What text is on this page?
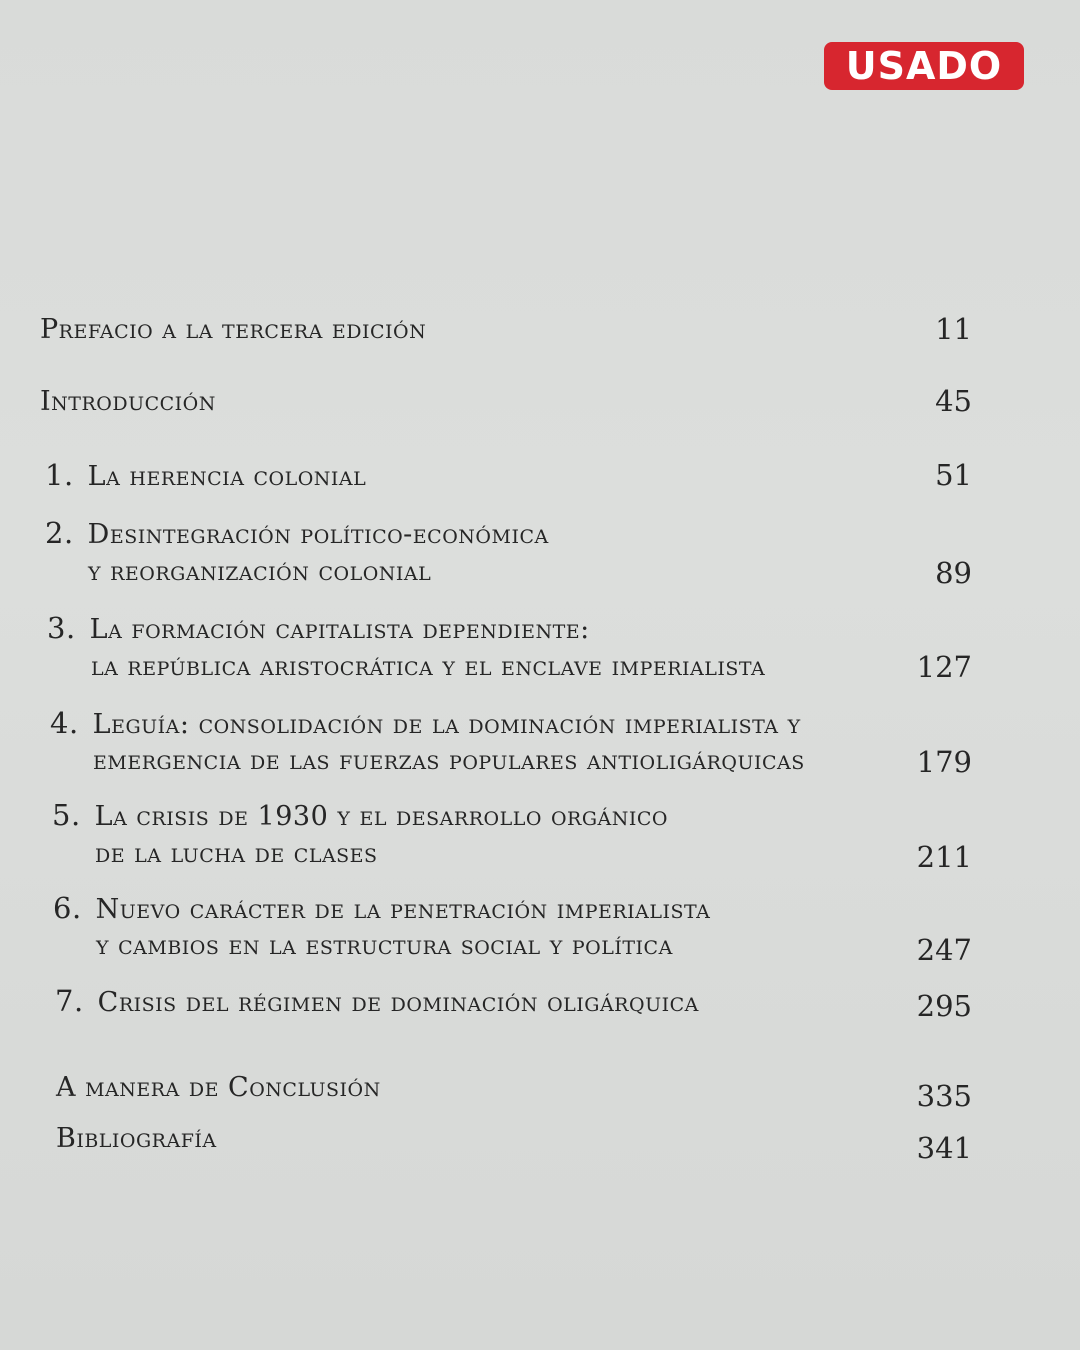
USADO
Prefacio a la tercera edición	11
Introducción	45
1. La herencia colonial	51
2. Desintegración político-económica
y reorganización colonial	89
3. La formación capitalista dependiente:
la república aristocrática y el enclave imperialista	127
4. Leguía: consolidación de la dominación imperialista y
emergencia de las fuerzas populares antioligárquicas	179
5. La crisis de 1930 y el desarrollo orgánico
de la lucha de clases	211
6. Nuevo carácter de la penetración imperialista
y cambios en la estructura social y política	247
7. Crisis del régimen de dominación oligárquica	295
A manera de Conclusión	335
Bibliografía	341
